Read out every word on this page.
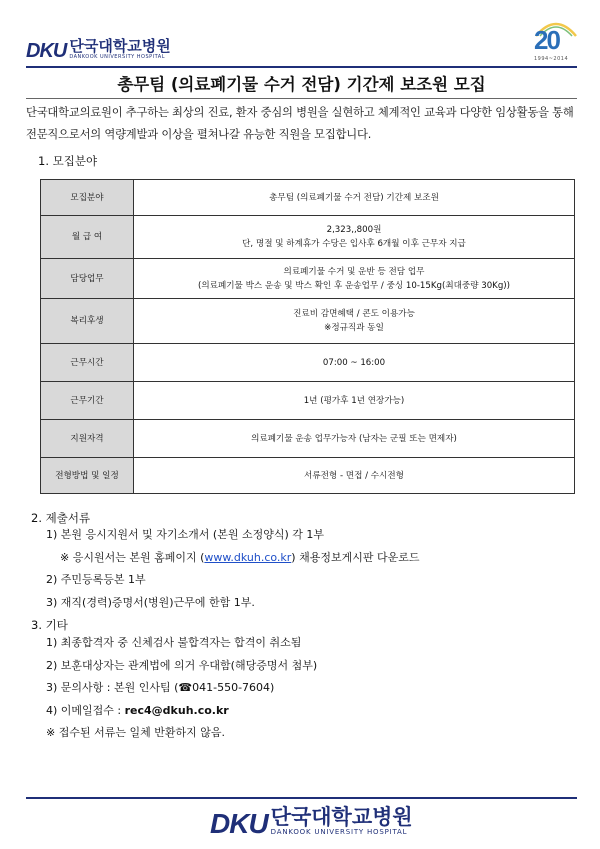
DKU 단국대학교병원
DANKOOK UNIVERSITY HOSPITAL
20
1994~2014
총무팀 (의료폐기물 수거 전담) 기간제 보조원 모집
단국대학교의료원이 추구하는 최상의 진료, 환자 중심의 병원을 실현하고 체계적인 교육과 다양한 임상활동을 통해 전문직으로서의 역량계발과 이상을 펼쳐나갈 유능한 직원을 모집합니다.
1. 모집분야
모집분야	총무팀 (의료폐기물 수거 전담) 기간제 보조원
월 급 여	2,323,,800원
단, 명절 및 하계휴가 수당은 입사후 6개월 이후 근무자 지급

담당업무	의료폐기물 수거 및 운반 등 전담 업무
(의료폐기물 박스 운송 및 박스 확인 후 운송업무 / 중싱 10-15Kg(최대중량 30Kg))

복리후생	진료비 감면혜택 / 콘도 이용가능
※정규직과 동일

근무시간	07:00 ~ 16:00
근무기간	1년 (평가후 1년 연장가능)
지원자격	의료폐기물 운송 업무가능자 (남자는 군필 또는 면제자)
전형방법 및 일정	서류전형 - 면접 / 수시전형
2. 제출서류
1) 본원 응시지원서 및 자기소개서 (본원 소정양식) 각 1부
※ 응시원서는 본원 홈페이지 (www.dkuh.co.kr) 채용정보게시판 다운로드
2) 주민등록등본 1부
3) 재직(경력)증명서(병원)근무에 한함 1부.
3. 기타
1) 최종합격자 중 신체검사 불합격자는 합격이 취소됨
2) 보훈대상자는 관계법에 의거 우대함(해당증명서 첨부)
3) 문의사항 : 본원 인사팀 (☎041-550-7604)
4) 이메일접수 : rec4@dkuh.co.kr
※ 접수된 서류는 일체 반환하지 않음.
DKU 단국대학교병원
DANKOOK UNIVERSITY HOSPITAL
